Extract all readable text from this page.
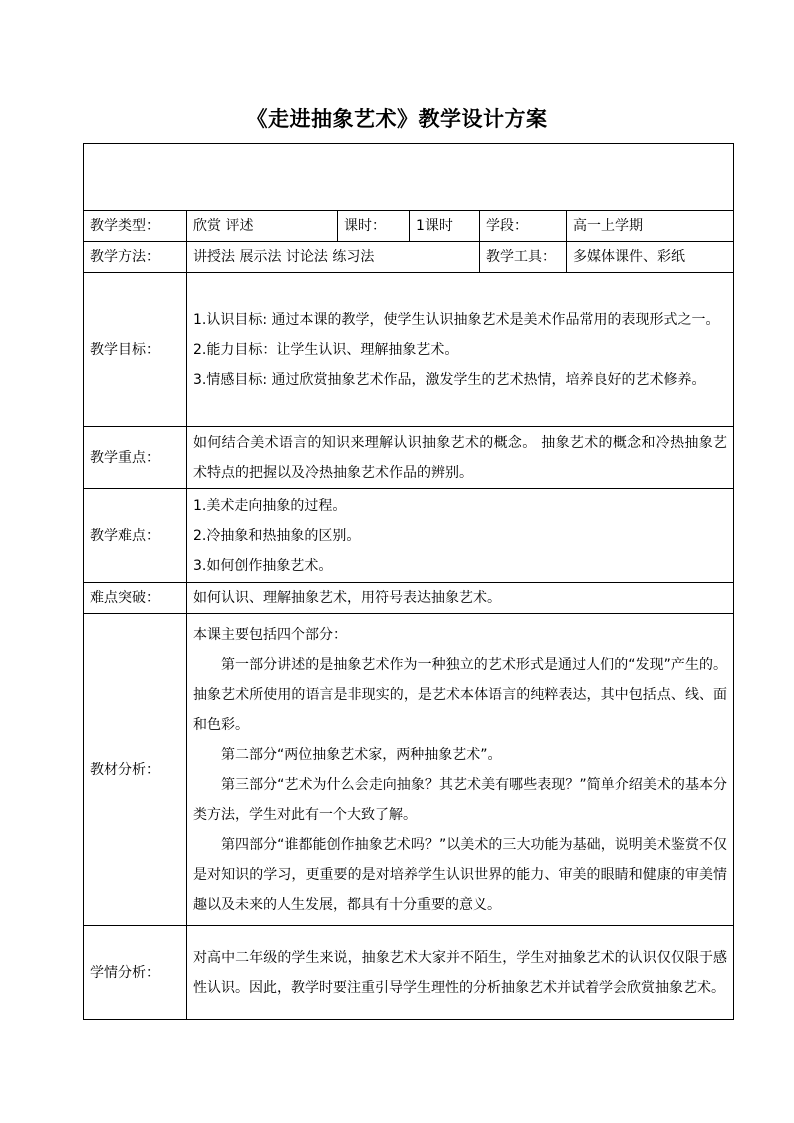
《走进抽象艺术》教学设计方案

教学类型：	欣赏 评述	课时：	1课时	学段：	高一上学期
教学方法：	讲授法 展示法 讨论法 练习法			教学工具：	多媒体课件、彩纸
教学目标：	1.认识目标: 通过本课的教学，使学生认识抽象艺术是美术作品常用的表现形式之一。

2.能力目标：让学生认识、理解抽象艺术。

3.情感目标: 通过欣赏抽象艺术作品，激发学生的艺术热情，培养良好的艺术修养。				

教学重点：	如何结合美术语言的知识来理解认识抽象艺术的概念。 抽象艺术的概念和冷热抽象艺术特点的把握以及冷热抽象艺术作品的辨别。				

教学难点：	1.美术走向抽象的过程。

2.冷抽象和热抽象的区别。

3.如何创作抽象艺术。				

难点突破：	如何认识、理解抽象艺术，用符号表达抽象艺术。				
教材分析：	本课主要包括四个部分：

第一部分讲述的是抽象艺术作为一种独立的艺术形式是通过人们的“发现”产生的。抽象艺术所使用的语言是非现实的，是艺术本体语言的纯粹表达，其中包括点、线、面和色彩。

第二部分“两位抽象艺术家，两种抽象艺术”。

第三部分“艺术为什么会走向抽象？其艺术美有哪些表现？”简单介绍美术的基本分类方法，学生对此有一个大致了解。

第四部分“谁都能创作抽象艺术吗？”以美术的三大功能为基础，说明美术鉴赏不仅是对知识的学习，更重要的是对培养学生认识世界的能力、审美的眼睛和健康的审美情趣以及未来的人生发展，都具有十分重要的意义。				

学情分析：	对高中二年级的学生来说，抽象艺术大家并不陌生，学生对抽象艺术的认识仅仅限于感性认识。因此，教学时要注重引导学生理性的分析抽象艺术并试着学会欣赏抽象艺术。				
